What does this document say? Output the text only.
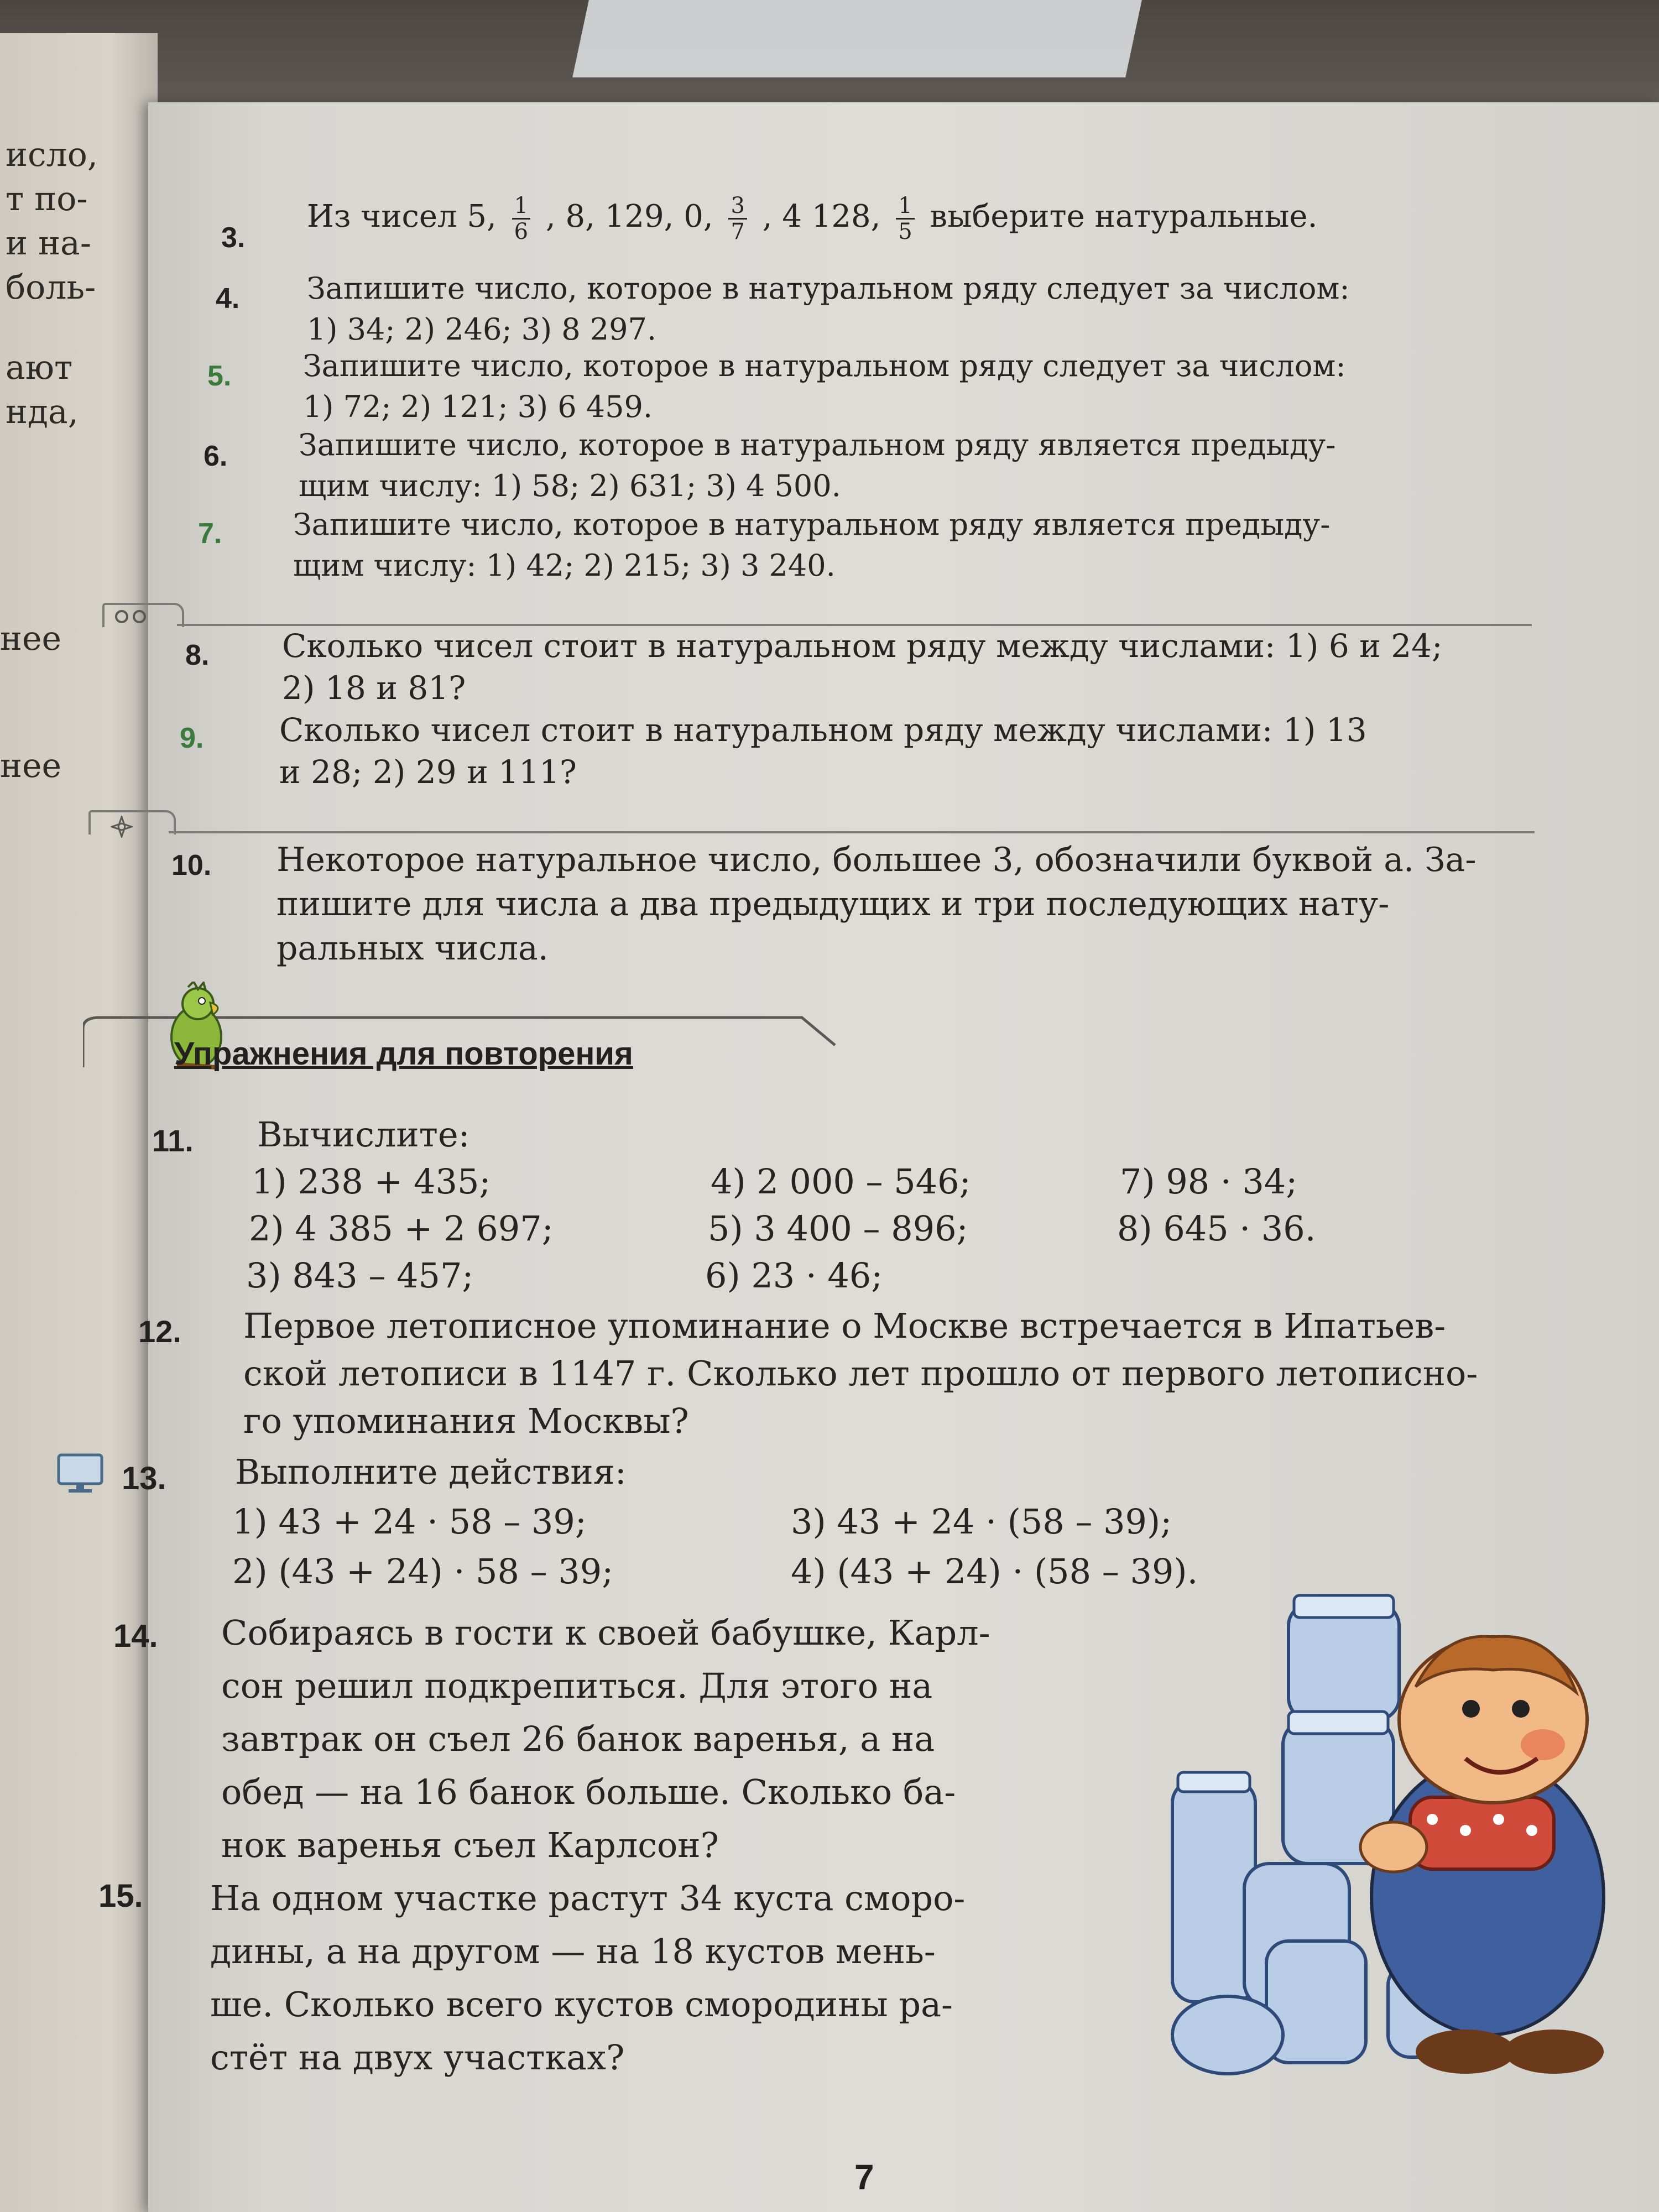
исло,
т по-
и на-
боль-
ают
нда,
нее
нее
3.
Из чисел 5, $\frac{1}{6}$ , 8, 129, 0, $\frac{3}{7}$ , 4 128, $\frac{1}{5}$ выберите натуральные.
4. Запишите число, которое в натуральном ряду следует за числом:
1) 34; 2) 246; 3) 8 297.
5. Запишите число, которое в натуральном ряду следует за числом:
1) 72; 2) 121; 3) 6 459.
6. Запишите число, которое в натуральном ряду является предыду-
щим числу: 1) 58; 2) 631; 3) 4 500.
7. Запишите число, которое в натуральном ряду является предыду-
щим числу: 1) 42; 2) 215; 3) 3 240.
8. Сколько чисел стоит в натуральном ряду между числами: 1) 6 и 24;
2) 18 и 81?
9. Сколько чисел стоит в натуральном ряду между числами: 1) 13
и 28; 2) 29 и 111?
10. Некоторое натуральное число, большее 3, обозначили буквой a. За-
пишите для числа a два предыдущих и три последующих нату-
ральных числа.
Упражнения для повторения
11. Вычислите:
1) 238 + 435;	4) 2 000 – 546;	7) 98 · 34;
2) 4 385 + 2 697;	5) 3 400 – 896;	8) 645 · 36.
3) 843 – 457;	6) 23 · 46;
12. Первое летописное упоминание о Москве встречается в Ипатьев-
ской летописи в 1147 г. Сколько лет прошло от первого летописно-
го упоминания Москвы?
13. Выполните действия:
1) 43 + 24 · 58 – 39;	3) 43 + 24 · (58 – 39);
2) (43 + 24) · 58 – 39;	4) (43 + 24) · (58 – 39).
14. Собираясь в гости к своей бабушке, Карл-
сон решил подкрепиться. Для этого на
завтрак он съел 26 банок варенья, а на
обед — на 16 банок больше. Сколько ба-
нок варенья съел Карлсон?
15. На одном участке растут 34 куста сморо-
дины, а на другом — на 18 кустов мень-
ше. Сколько всего кустов смородины ра-
стёт на двух участках?
7
